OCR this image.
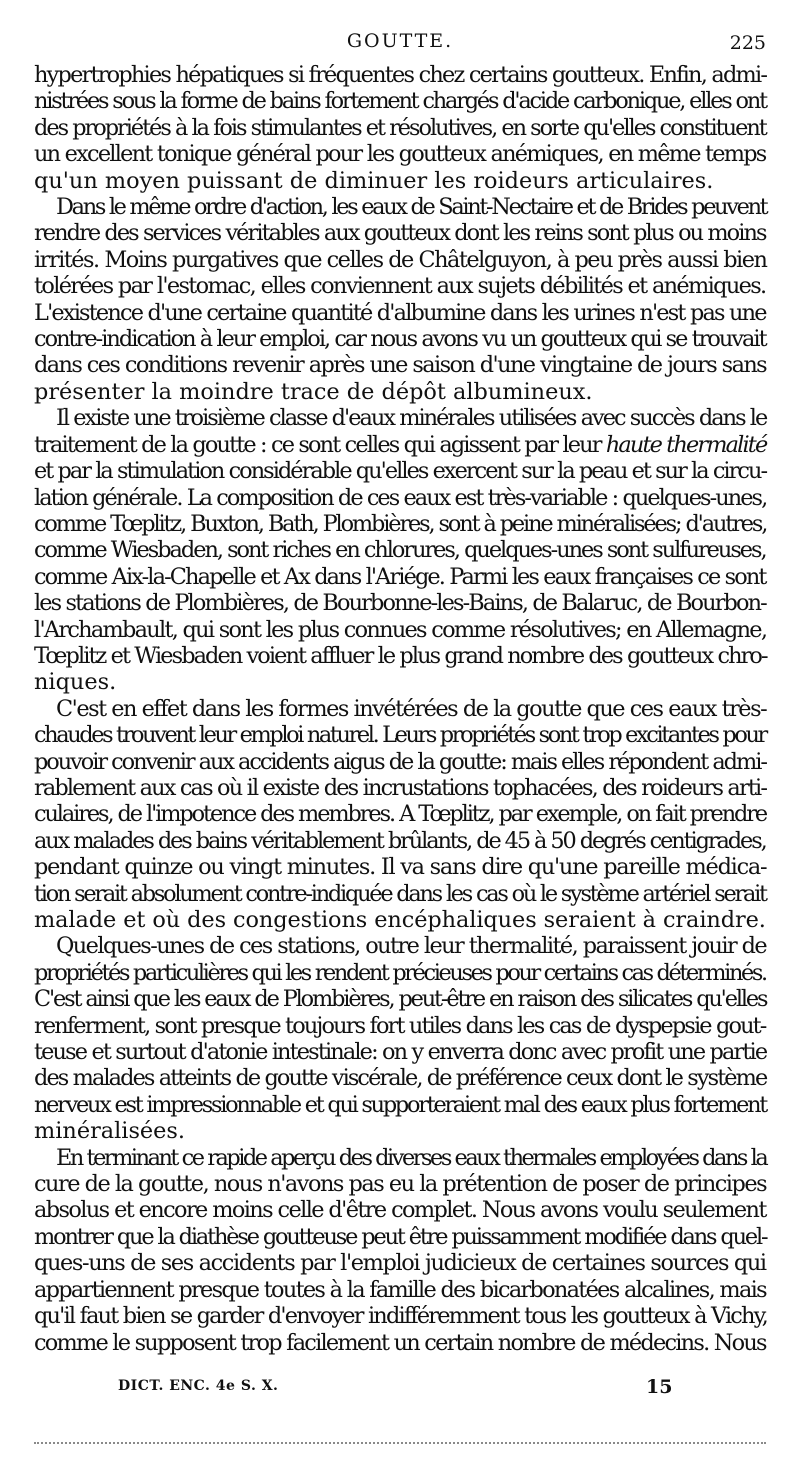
GOUTTE.	225
hypertrophies hépatiques si fréquentes chez certains goutteux. Enfin, admi-
nistrées sous la forme de bains fortement chargés d'acide carbonique, elles ont
des propriétés à la fois stimulantes et résolutives, en sorte qu'elles constituent
un excellent tonique général pour les goutteux anémiques, en même temps
qu'un moyen puissant de diminuer les roideurs articulaires.
Dans le même ordre d'action, les eaux de Saint-Nectaire et de Brides peuvent
rendre des services véritables aux goutteux dont les reins sont plus ou moins
irrités. Moins purgatives que celles de Châtelguyon, à peu près aussi bien
tolérées par l'estomac, elles conviennent aux sujets débilités et anémiques.
L'existence d'une certaine quantité d'albumine dans les urines n'est pas une
contre-indication à leur emploi, car nous avons vu un goutteux qui se trouvait
dans ces conditions revenir après une saison d'une vingtaine de jours sans
présenter la moindre trace de dépôt albumineux.
Il existe une troisième classe d'eaux minérales utilisées avec succès dans le
traitement de la goutte : ce sont celles qui agissent par leur haute thermalité
et par la stimulation considérable qu'elles exercent sur la peau et sur la circu-
lation générale. La composition de ces eaux est très-variable : quelques-unes,
comme Tœplitz, Buxton, Bath, Plombières, sont à peine minéralisées; d'autres,
comme Wiesbaden, sont riches en chlorures, quelques-unes sont sulfureuses,
comme Aix-la-Chapelle et Ax dans l'Ariége. Parmi les eaux françaises ce sont
les stations de Plombières, de Bourbonne-les-Bains, de Balaruc, de Bourbon-
l'Archambault, qui sont les plus connues comme résolutives; en Allemagne,
Tœplitz et Wiesbaden voient affluer le plus grand nombre des goutteux chro-
niques.
C'est en effet dans les formes invétérées de la goutte que ces eaux très-
chaudes trouvent leur emploi naturel. Leurs propriétés sont trop excitantes pour
pouvoir convenir aux accidents aigus de la goutte: mais elles répondent admi-
rablement aux cas où il existe des incrustations tophacées, des roideurs arti-
culaires, de l'impotence des membres. A Tœplitz, par exemple, on fait prendre
aux malades des bains véritablement brûlants, de 45 à 50 degrés centigrades,
pendant quinze ou vingt minutes. Il va sans dire qu'une pareille médica-
tion serait absolument contre-indiquée dans les cas où le système artériel serait
malade et où des congestions encéphaliques seraient à craindre.
Quelques-unes de ces stations, outre leur thermalité, paraissent jouir de
propriétés particulières qui les rendent précieuses pour certains cas déterminés.
C'est ainsi que les eaux de Plombières, peut-être en raison des silicates qu'elles
renferment, sont presque toujours fort utiles dans les cas de dyspepsie gout-
teuse et surtout d'atonie intestinale: on y enverra donc avec profit une partie
des malades atteints de goutte viscérale, de préférence ceux dont le système
nerveux est impressionnable et qui supporteraient mal des eaux plus fortement
minéralisées.
En terminant ce rapide aperçu des diverses eaux thermales employées dans la
cure de la goutte, nous n'avons pas eu la prétention de poser de principes
absolus et encore moins celle d'être complet. Nous avons voulu seulement
montrer que la diathèse goutteuse peut être puissamment modifiée dans quel-
ques-uns de ses accidents par l'emploi judicieux de certaines sources qui
appartiennent presque toutes à la famille des bicarbonatées alcalines, mais
qu'il faut bien se garder d'envoyer indifféremment tous les goutteux à Vichy,
comme le supposent trop facilement un certain nombre de médecins. Nous
DICT. ENC. 4e S. X.	15
